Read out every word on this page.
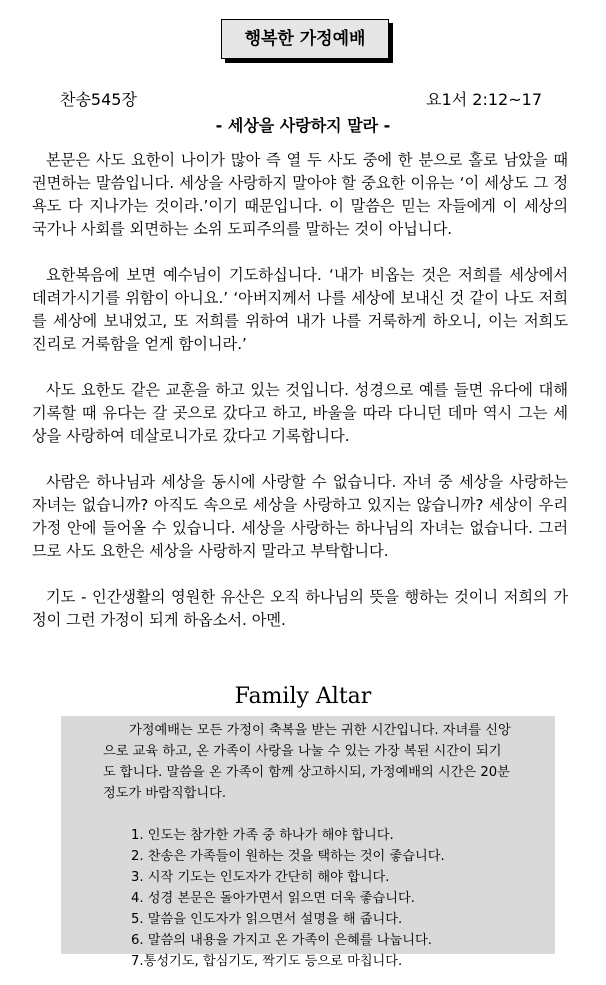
행복한 가정예배
찬송545장	요1서 2:12~17
- 세상을 사랑하지 말라 -

본문은 사도 요한이 나이가 많아 즉 열 두 사도 중에 한 분으로 홀로 남았을 때 권면하는 말씀입니다. 세상을 사랑하지 말아야 할 중요한 이유는 ‘이 세상도 그 정욕도 다 지나가는 것이라.’이기 때문입니다. 이 말씀은 믿는 자들에게 이 세상의 국가나 사회를 외면하는 소위 도피주의를 말하는 것이 아닙니다.

요한복음에 보면 예수님이 기도하십니다. ‘내가 비옵는 것은 저희를 세상에서 데려가시기를 위함이 아니요.’ ‘아버지께서 나를 세상에 보내신 것 같이 나도 저희를 세상에 보내었고, 또 저희를 위하여 내가 나를 거룩하게 하오니, 이는 저희도 진리로 거룩함을 얻게 함이니라.’

사도 요한도 같은 교훈을 하고 있는 것입니다. 성경으로 예를 들면 유다에 대해 기록할 때 유다는 갈 곳으로 갔다고 하고, 바울을 따라 다니던 데마 역시 그는 세상을 사랑하여 데살로니가로 갔다고 기록합니다.

사람은 하나님과 세상을 동시에 사랑할 수 없습니다. 자녀 중 세상을 사랑하는 자녀는 없습니까? 아직도 속으로 세상을 사랑하고 있지는 않습니까? 세상이 우리 가정 안에 들어올 수 있습니다. 세상을 사랑하는 하나님의 자녀는 없습니다. 그러므로 사도 요한은 세상을 사랑하지 말라고 부탁합니다.

기도 - 인간생활의 영원한 유산은 오직 하나님의 뜻을 행하는 것이니 저희의 가정이 그런 가정이 되게 하옵소서. 아멘.

Family Altar

가정예배는 모든 가정이 축복을 받는 귀한 시간입니다. 자녀를 신앙으로 교육 하고, 온 가족이 사랑을 나눌 수 있는 가장 복된 시간이 되기도 합니다. 말씀을 온 가족이 함께 상고하시되, 가정예배의 시간은 20분 정도가 바람직합니다.

1. 인도는 참가한 가족 중 하나가 해야 합니다.
2. 찬송은 가족들이 원하는 것을 택하는 것이 좋습니다.
3. 시작 기도는 인도자가 간단히 해야 합니다.
4. 성경 본문은 돌아가면서 읽으면 더욱 좋습니다.
5. 말씀을 인도자가 읽으면서 설명을 해 줍니다.
6. 말씀의 내용을 가지고 온 가족이 은혜를 나눕니다.
7.통성기도, 합심기도, 짝기도 등으로 마칩니다.
